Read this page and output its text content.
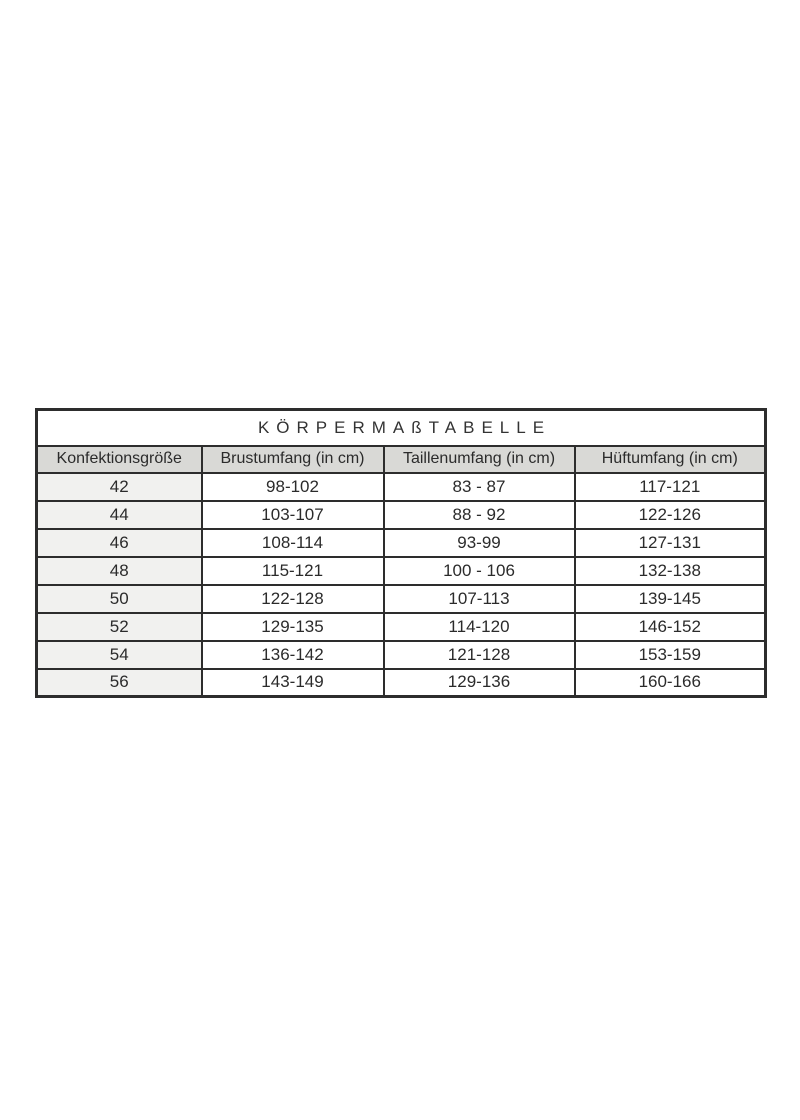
KÖRPERMAßTABELLE			
Konfektionsgröße	Brustumfang (in cm)	Taillenumfang (in cm)	Hüftumfang (in cm)
42	98-102	83 - 87	117-121
44	103-107	88 - 92	122-126
46	108-114	93-99	127-131
48	115-121	100 - 106	132-138
50	122-128	107-113	139-145
52	129-135	114-120	146-152
54	136-142	121-128	153-159
56	143-149	129-136	160-166
